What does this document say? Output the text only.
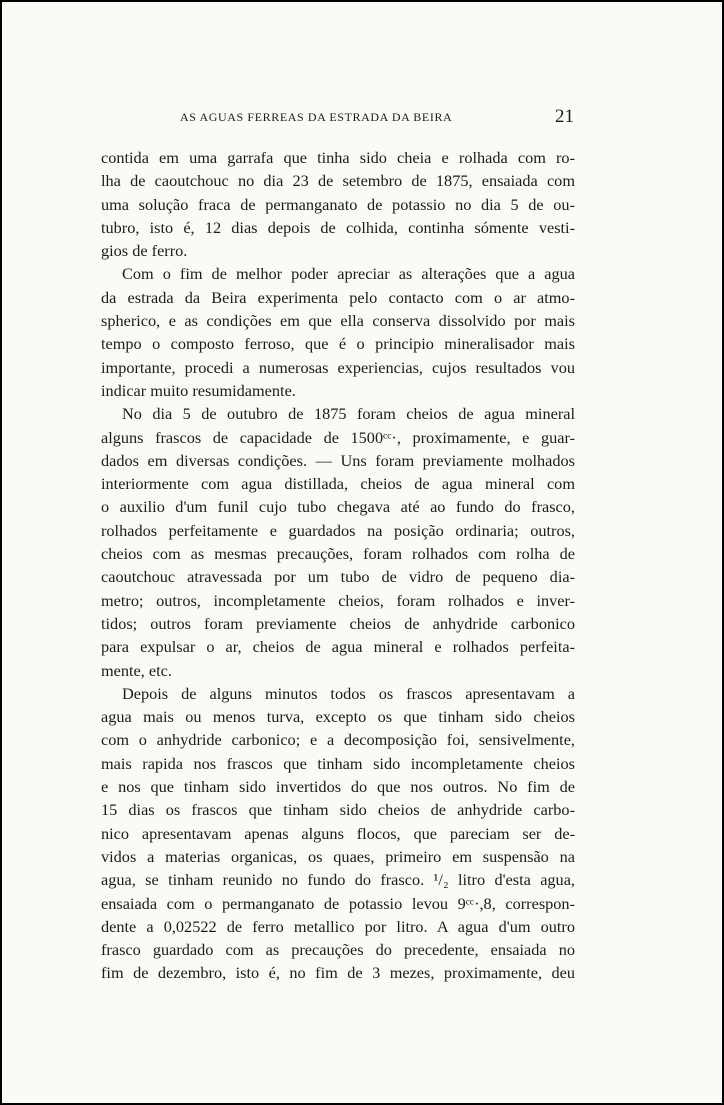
AS AGUAS FERREAS DA ESTRADA DA BEIRA	21
contida em uma garrafa que tinha sido cheia e rolhada com ro-
lha de caoutchouc no dia 23 de setembro de 1875, ensaiada com
uma solução fraca de permanganato de potassio no dia 5 de ou-
tubro, isto é, 12 dias depois de colhida, continha sómente vesti-
gios de ferro.
Com o fim de melhor poder apreciar as alterações que a agua
da estrada da Beira experimenta pelo contacto com o ar atmo-
spherico, e as condições em que ella conserva dissolvido por mais
tempo o composto ferroso, que é o principio mineralisador mais
importante, procedi a numerosas experiencias, cujos resultados vou
indicar muito resumidamente.
No dia 5 de outubro de 1875 foram cheios de agua mineral
alguns frascos de capacidade de 1500ᶜᶜ·, proximamente, e guar-
dados em diversas condições. — Uns foram previamente molhados
interiormente com agua distillada, cheios de agua mineral com
o auxilio d'um funil cujo tubo chegava até ao fundo do frasco,
rolhados perfeitamente e guardados na posição ordinaria; outros,
cheios com as mesmas precauções, foram rolhados com rolha de
caoutchouc atravessada por um tubo de vidro de pequeno dia-
metro; outros, incompletamente cheios, foram rolhados e inver-
tidos; outros foram previamente cheios de anhydride carbonico
para expulsar o ar, cheios de agua mineral e rolhados perfeita-
mente, etc.
Depois de alguns minutos todos os frascos apresentavam a
agua mais ou menos turva, excepto os que tinham sido cheios
com o anhydride carbonico; e a decomposição foi, sensivelmente,
mais rapida nos frascos que tinham sido incompletamente cheios
e nos que tinham sido invertidos do que nos outros. No fim de
15 dias os frascos que tinham sido cheios de anhydride carbo-
nico apresentavam apenas alguns flocos, que pareciam ser de-
vidos a materias organicas, os quaes, primeiro em suspensão na
agua, se tinham reunido no fundo do frasco. ¹/₂ litro d'esta agua,
ensaiada com o permanganato de potassio levou 9ᶜᶜ·,8, correspon-
dente a 0,02522 de ferro metallico por litro. A agua d'um outro
frasco guardado com as precauções do precedente, ensaiada no
fim de dezembro, isto é, no fim de 3 mezes, proximamente, deu
